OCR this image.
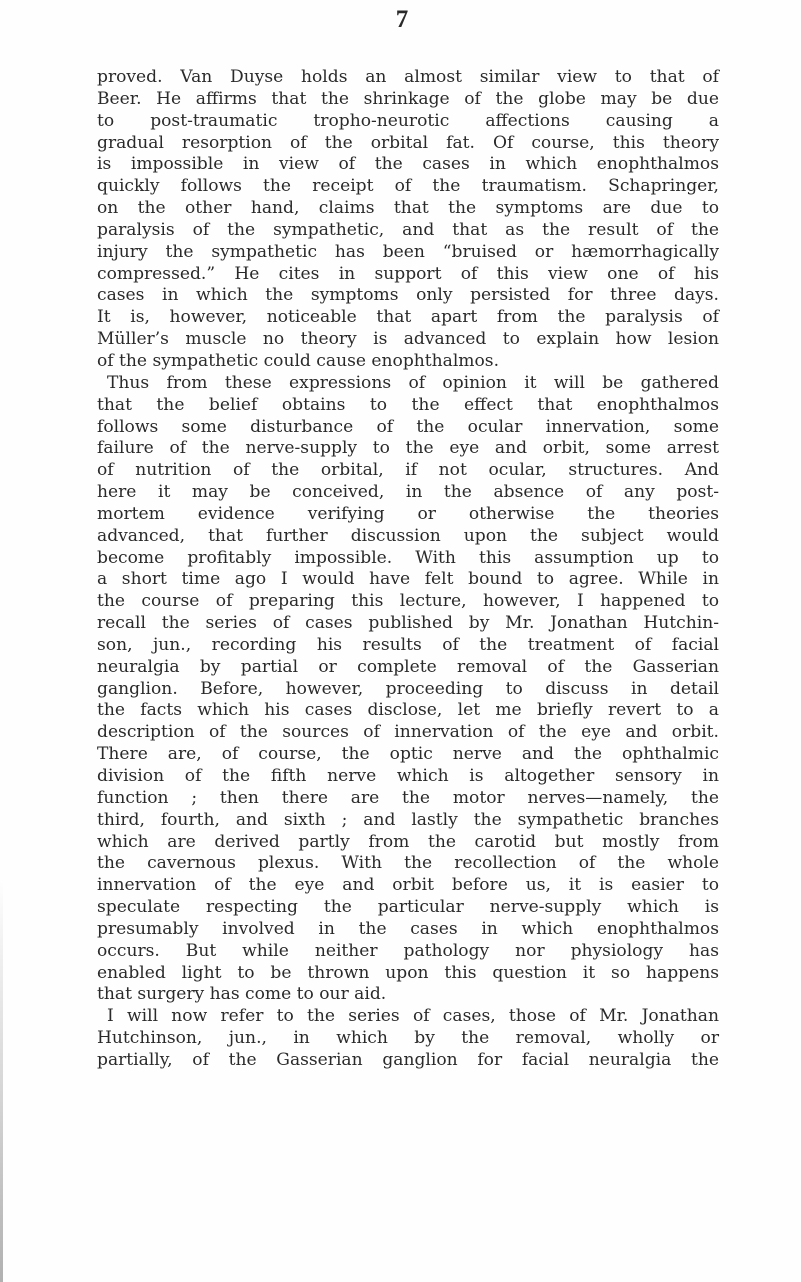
7
proved. Van Duyse holds an almost similar view to that of
Beer. He affirms that the shrinkage of the globe may be due
to post-traumatic tropho-neurotic affections causing a
gradual resorption of the orbital fat. Of course, this theory
is impossible in view of the cases in which enophthalmos
quickly follows the receipt of the traumatism. Schapringer,
on the other hand, claims that the symptoms are due to
paralysis of the sympathetic, and that as the result of the
injury the sympathetic has been “bruised or hæmorrhagically
compressed.” He cites in support of this view one of his
cases in which the symptoms only persisted for three days.
It is, however, noticeable that apart from the paralysis of
Müller’s muscle no theory is advanced to explain how lesion
of the sympathetic could cause enophthalmos.
Thus from these expressions of opinion it will be gathered
that the belief obtains to the effect that enophthalmos
follows some disturbance of the ocular innervation, some
failure of the nerve-supply to the eye and orbit, some arrest
of nutrition of the orbital, if not ocular, structures. And
here it may be conceived, in the absence of any post-
mortem evidence verifying or otherwise the theories
advanced, that further discussion upon the subject would
become profitably impossible. With this assumption up to
a short time ago I would have felt bound to agree. While in
the course of preparing this lecture, however, I happened to
recall the series of cases published by Mr. Jonathan Hutchin-
son, jun., recording his results of the treatment of facial
neuralgia by partial or complete removal of the Gasserian
ganglion. Before, however, proceeding to discuss in detail
the facts which his cases disclose, let me briefly revert to a
description of the sources of innervation of the eye and orbit.
There are, of course, the optic nerve and the ophthalmic
division of the fifth nerve which is altogether sensory in
function ; then there are the motor nerves—namely, the
third, fourth, and sixth ; and lastly the sympathetic branches
which are derived partly from the carotid but mostly from
the cavernous plexus. With the recollection of the whole
innervation of the eye and orbit before us, it is easier to
speculate respecting the particular nerve-supply which is
presumably involved in the cases in which enophthalmos
occurs. But while neither pathology nor physiology has
enabled light to be thrown upon this question it so happens
that surgery has come to our aid.
I will now refer to the series of cases, those of Mr. Jonathan
Hutchinson, jun., in which by the removal, wholly or
partially, of the Gasserian ganglion for facial neuralgia the
